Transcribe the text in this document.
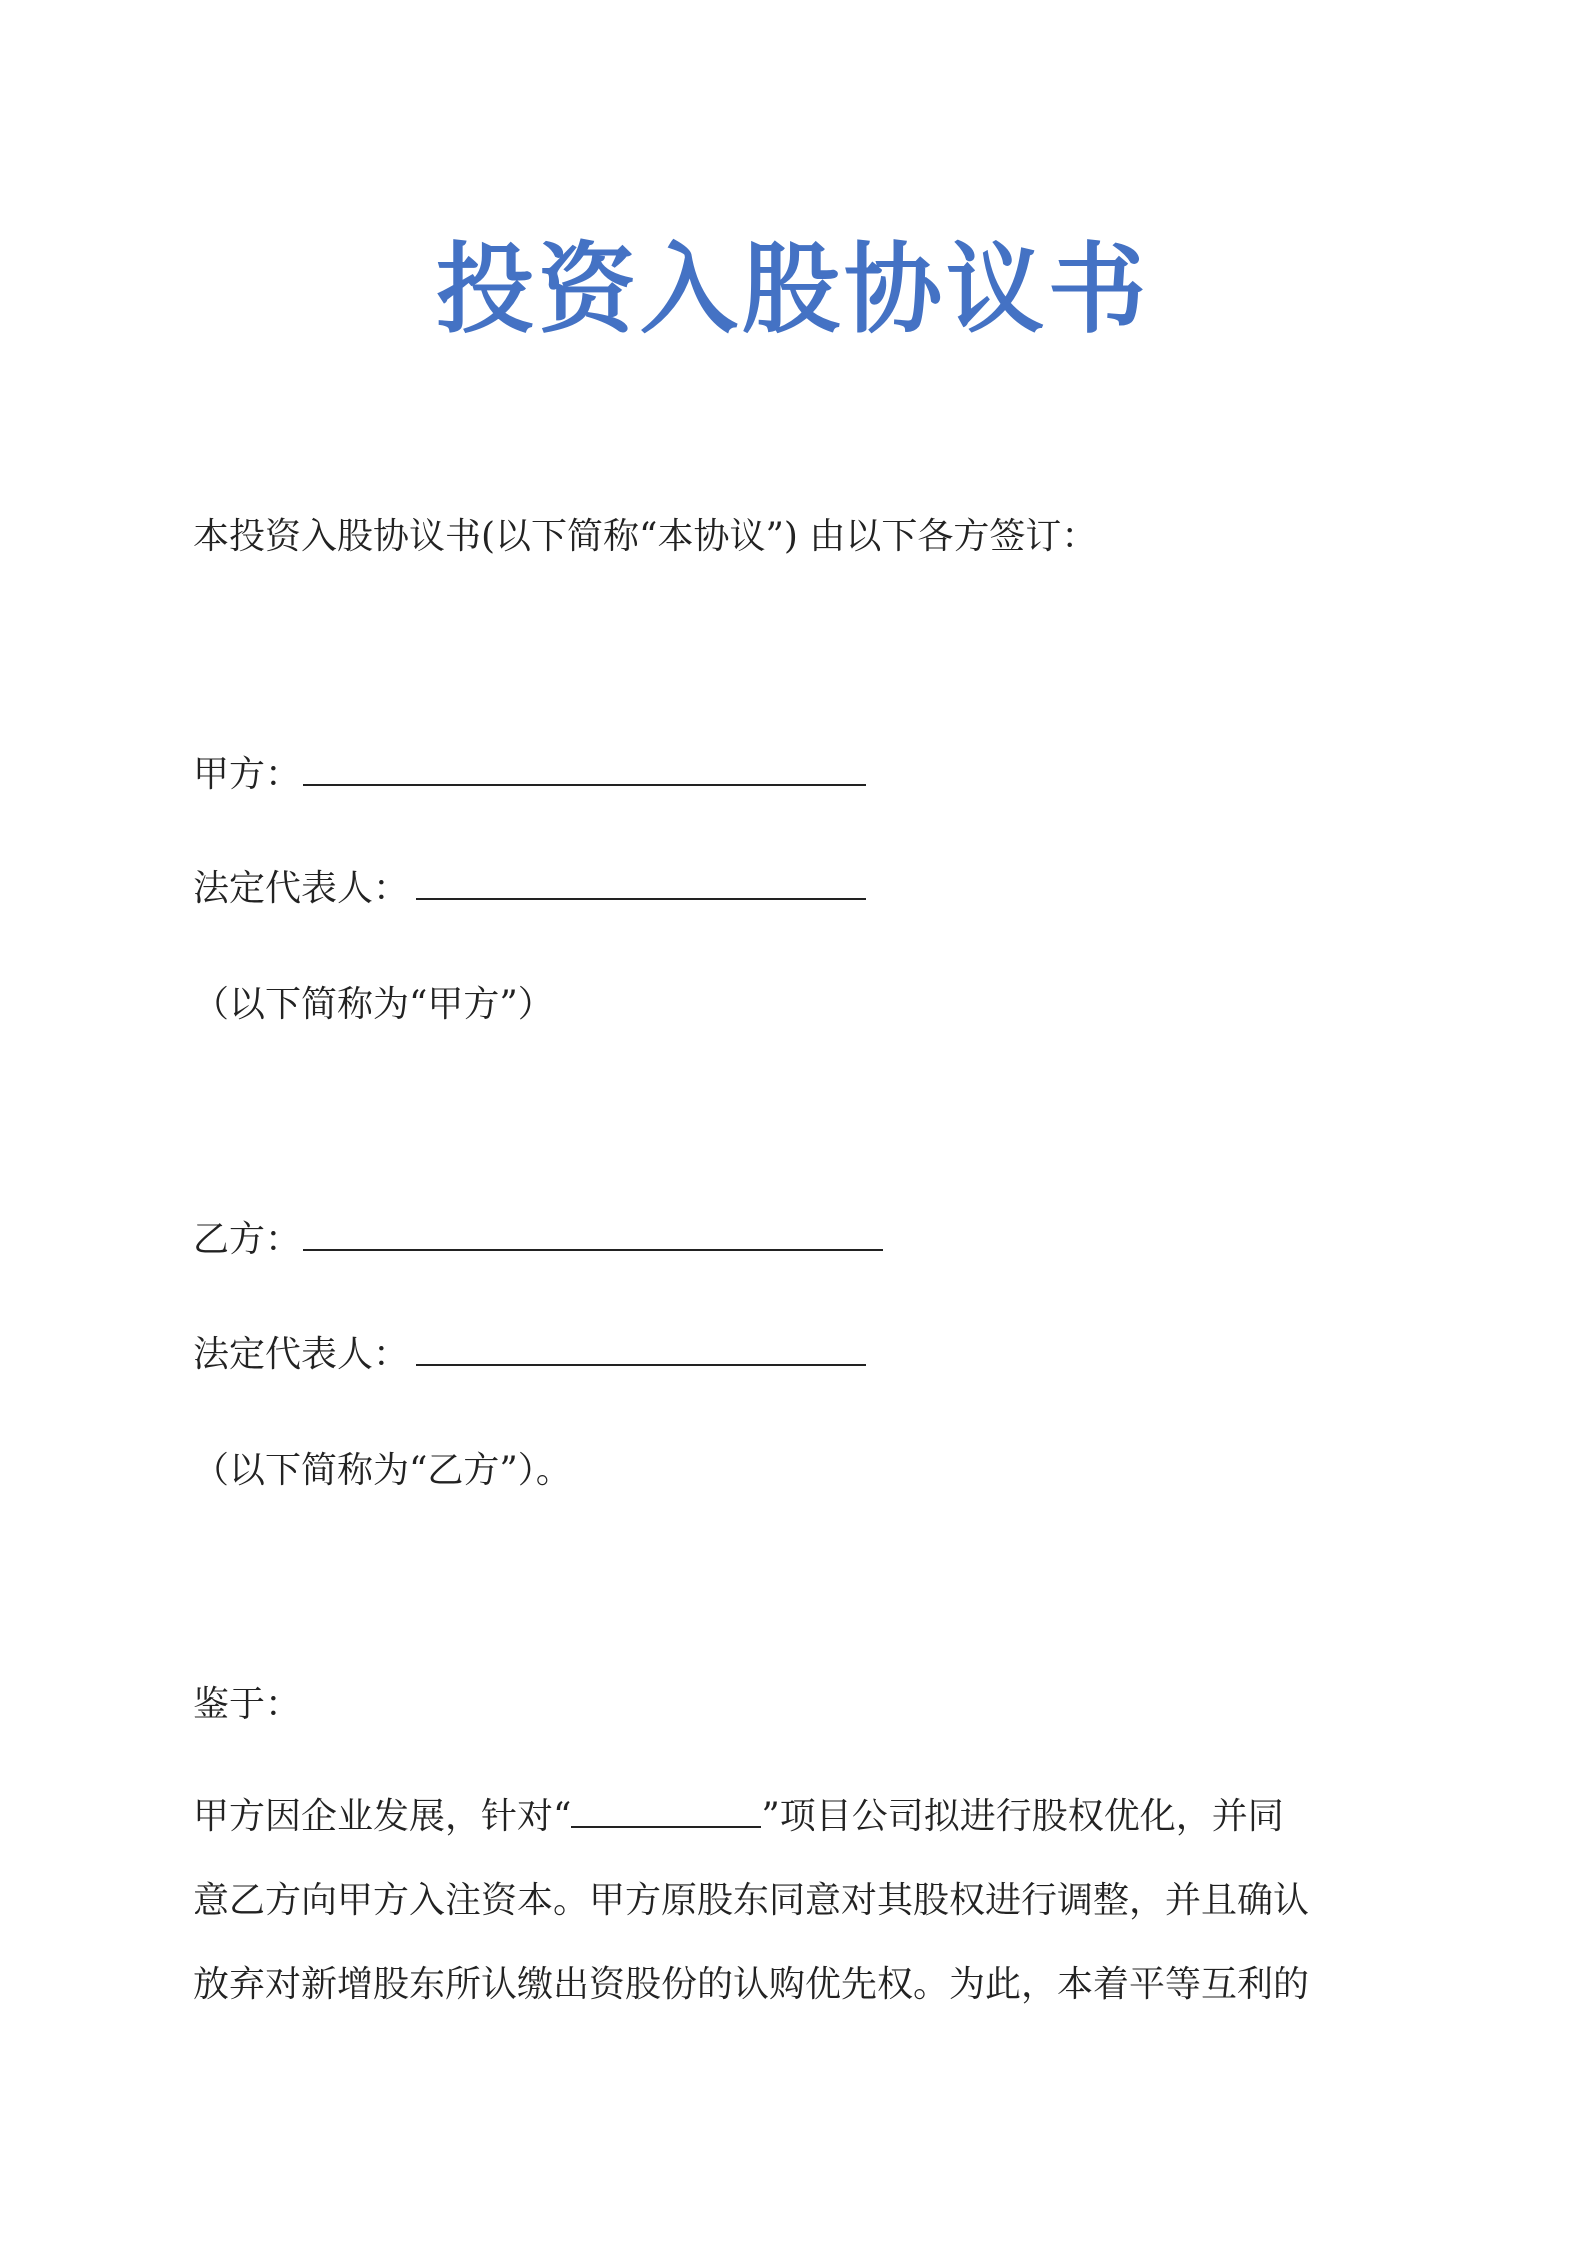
投资入股协议书
本投资入股协议书(以下简称“本协议”) 由以下各方签订：
甲方：
法定代表人：
（以下简称为“甲方”）
乙方：
法定代表人：
（以下简称为“乙方”）。
鉴于：
甲方因企业发展，针对“	”项目公司拟进行股权优化，并同
意乙方向甲方入注资本。甲方原股东同意对其股权进行调整，并且确认
放弃对新增股东所认缴出资股份的认购优先权。为此，本着平等互利的
